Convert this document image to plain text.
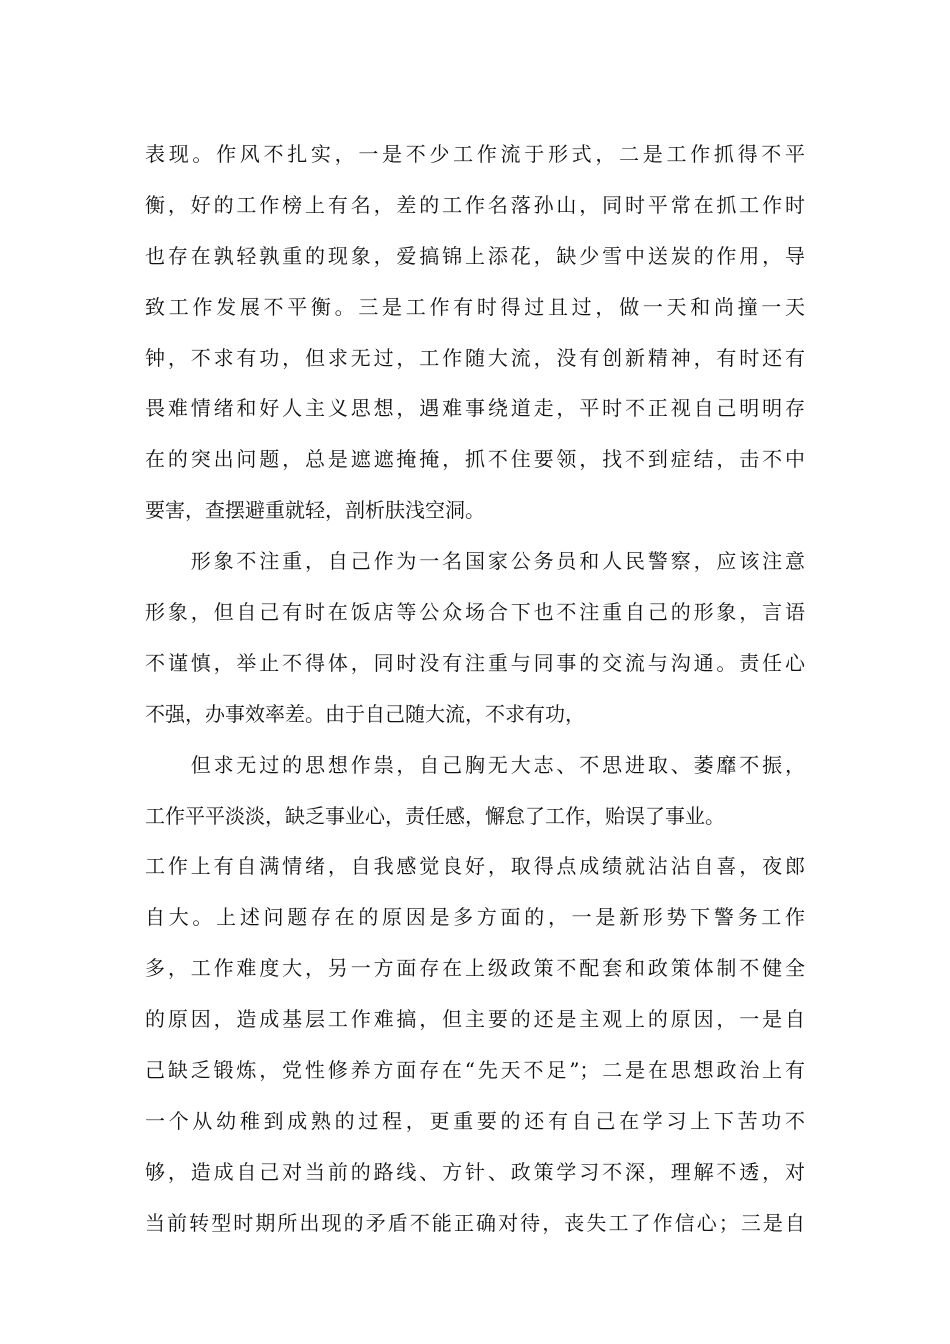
表现。作风不扎实，一是不少工作流于形式，二是工作抓得不平
衡，好的工作榜上有名，差的工作名落孙山，同时平常在抓工作时
也存在孰轻孰重的现象，爱搞锦上添花，缺少雪中送炭的作用，导
致工作发展不平衡。三是工作有时得过且过，做一天和尚撞一天
钟，不求有功，但求无过，工作随大流，没有创新精神，有时还有
畏难情绪和好人主义思想，遇难事绕道走，平时不正视自己明明存
在的突出问题，总是遮遮掩掩，抓不住要领，找不到症结，击不中
要害，查摆避重就轻，剖析肤浅空洞。
　　形象不注重，自己作为一名国家公务员和人民警察，应该注意
形象，但自己有时在饭店等公众场合下也不注重自己的形象，言语
不谨慎，举止不得体，同时没有注重与同事的交流与沟通。责任心
不强，办事效率差。由于自己随大流，不求有功，
　　但求无过的思想作祟，自己胸无大志、不思进取、萎靡不振，
工作平平淡淡，缺乏事业心，责任感，懈怠了工作，贻误了事业。
工作上有自满情绪，自我感觉良好，取得点成绩就沾沾自喜，夜郎
自大。上述问题存在的原因是多方面的，一是新形势下警务工作
多，工作难度大，另一方面存在上级政策不配套和政策体制不健全
的原因，造成基层工作难搞，但主要的还是主观上的原因，一是自
己缺乏锻炼，党性修养方面存在“先天不足”；二是在思想政治上有
一个从幼稚到成熟的过程，更重要的还有自己在学习上下苦功不
够，造成自己对当前的路线、方针、政策学习不深，理解不透，对
当前转型时期所出现的矛盾不能正确对待，丧失工了作信心；三是自
